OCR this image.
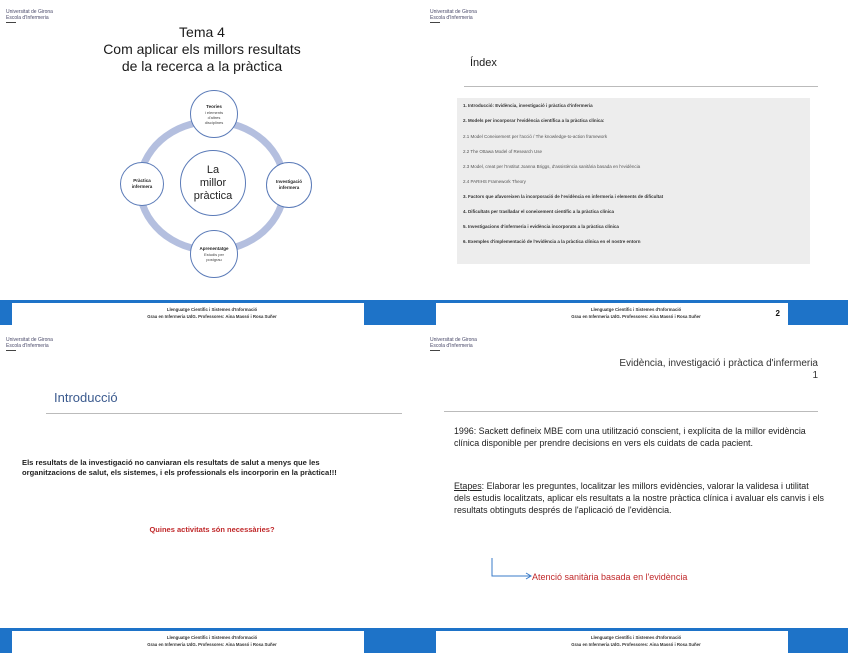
Universitat de Girona
Escola d'Infermeria
Tema 4
Com aplicar els millors resultats
de la recerca a la pràctica
La
millor
pràctica
Teories
i elements
d'altres
disciplines
Pràctica
infermera
Investigació
infermera
Aprenentatge
Estudis per
postgrau
Llenguatge Científic i Sistemes d'Informació
Grau en Infermeria UdG. Professores: Aina Massó i Rosa Suñer
Universitat de Girona
Escola d'Infermeria
Índex
1. Introducció: Evidència, investigació i pràctica d'infermeria
2. Models per incorporar l'evidència científica a la pràctica clínica:
2.1 Model Coneixement per l'acció / The knowledge-to-action framework
2.2 The Ottawa Model of Research Use
2.3 Model, creat per l'Institut Joanna Briggs, d'assistència sanitària basada en l'evidència
2.4 PARIHS Framework Theory
3. Factors que afavoreixen la incorporació de l'evidència en infermeria i elements de dificultat
4. Dificultats per traslladar el coneixement científic a la pràctica clínica
5. Investigacions d'infermeria i evidència incorporats a la pràctica clínica
6. Exemples d'implementació de l'evidència a la pràctica clínica en el nostre entorn
Llenguatge Científic i Sistemes d'Informació
Grau en Infermeria UdG. Professores: Aina Massó i Rosa Suñer	2
Universitat de Girona
Escola d'Infermeria
Introducció
Els resultats de la investigació no canviaran els resultats de salut a menys que les organitzacions de salut, els sistemes, i els professionals els incorporin en la pràctica!!!
Quines activitats són necessàries?
Llenguatge Científic i Sistemes d'Informació
Grau en Infermeria UdG. Professores: Aina Massó i Rosa Suñer
Universitat de Girona
Escola d'Infermeria
Evidència, investigació i pràctica d'infermeria
1
1996: Sackett defineix MBE com una utilització conscient, i explícita de la millor evidència clínica disponible per prendre decisions en vers els cuidats de cada pacient.
Etapes: Elaborar les preguntes, localitzar les millors evidències, valorar la validesa i utilitat dels estudis localitzats, aplicar els resultats a la nostre pràctica clínica i avaluar els canvis i els resultats obtinguts després de l'aplicació de l'evidència.
Atenció sanitària basada en l'evidència
Llenguatge Científic i Sistemes d'Informació
Grau en Infermeria UdG. Professores: Aina Massó i Rosa Suñer
